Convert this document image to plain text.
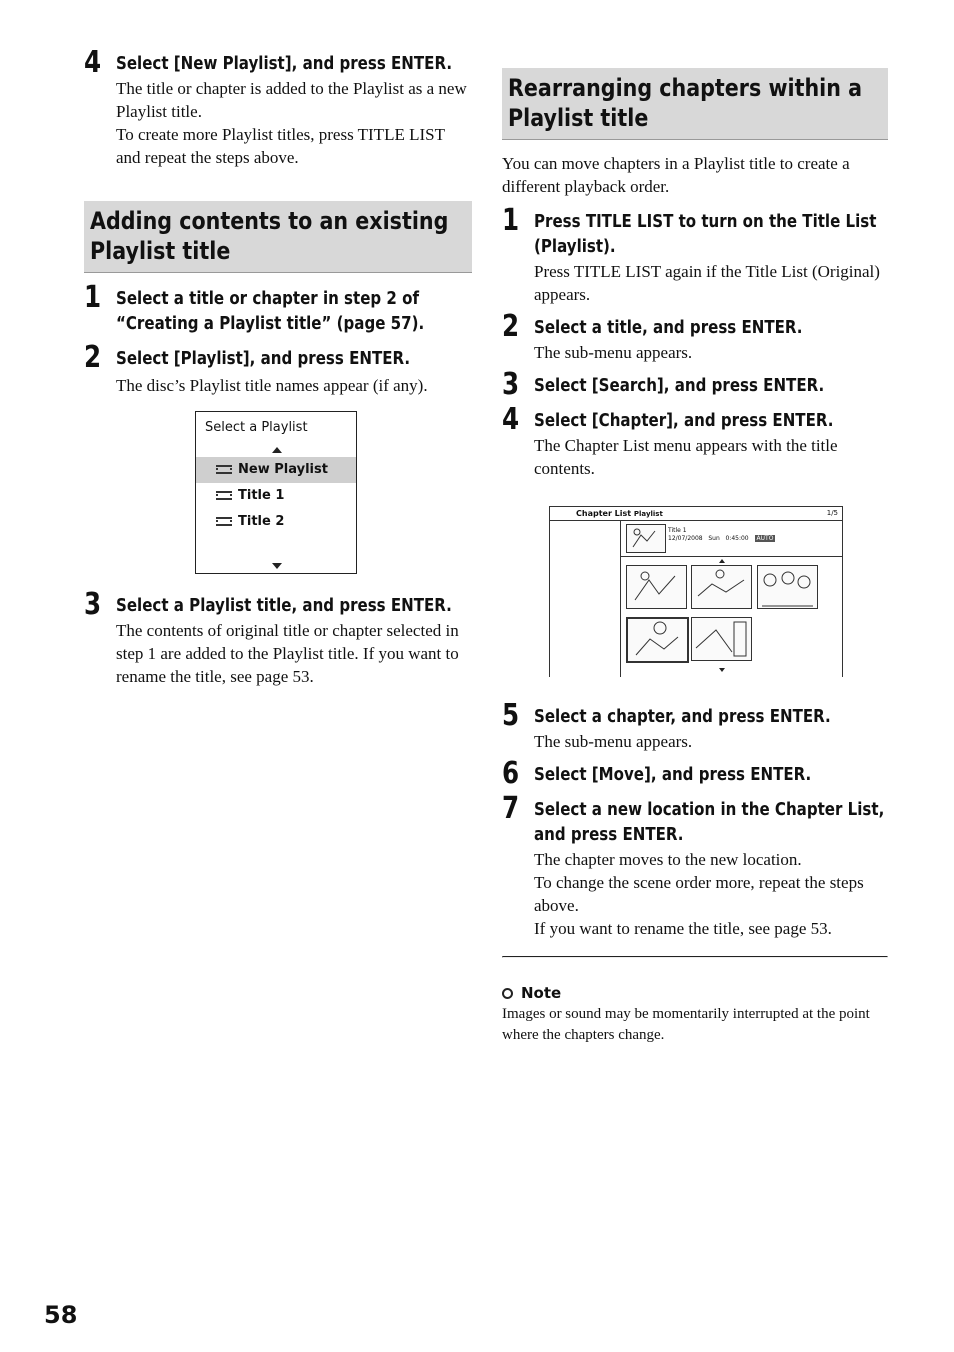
4 Select [New Playlist], and press ENTER.

The title or chapter is added to the Playlist as a new Playlist title.

To create more Playlist titles, press TITLE LIST and repeat the steps above.

Adding contents to an existing Playlist title
1 Select a title or chapter in step 2 of “Creating a Playlist title” (page 57).
2 Select [Playlist], and press ENTER.

The disc’s Playlist title names appear (if any).

Select a Playlist
New Playlist
Title 1
Title 2
3 Select a Playlist title, and press ENTER.

The contents of original title or chapter selected in step 1 are added to the Playlist title. If you want to rename the title, see page 53.

Rearranging chapters within a Playlist title
You can move chapters in a Playlist title to create a different playback order.
1 Press TITLE LIST to turn on the Title List (Playlist).

Press TITLE LIST again if the Title List (Original) appears.

2 Select a title, and press ENTER.

The sub-menu appears.

3 Select [Search], and press ENTER.
4 Select [Chapter], and press ENTER.

The Chapter List menu appears with the title contents.

Chapter List Playlist	1/5
Title 1
12/07/2008 Sun 0:45:00 AUTO
5 Select a chapter, and press ENTER.

The sub-menu appears.

6 Select [Move], and press ENTER.
7 Select a new location in the Chapter List, and press ENTER.

The chapter moves to the new location.

To change the scene order more, repeat the steps above.

If you want to rename the title, see page 53.

Note
Images or sound may be momentarily interrupted at the point where the chapters change.
58
